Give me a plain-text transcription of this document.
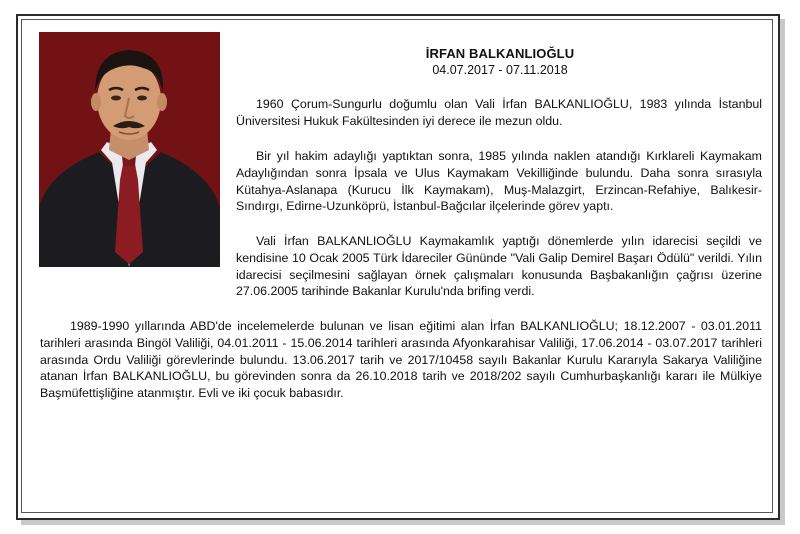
İRFAN BALKANLIOĞLU
04.07.2017 - 07.11.2018

1960 Çorum-Sungurlu doğumlu olan Vali İrfan BALKANLIOĞLU, 1983 yılında İstanbul Üniversitesi Hukuk Fakültesinden iyi derece ile mezun oldu.

Bir yıl hakim adaylığı yaptıktan sonra, 1985 yılında naklen atandığı Kırklareli Kaymakam Adaylığından sonra İpsala ve Ulus Kaymakam Vekilliğinde bulundu. Daha sonra sırasıyla Kütahya-Aslanapa (Kurucu İlk Kaymakam), Muş-Malazgirt, Erzincan-Refahiye, Balıkesir-Sındırgı, Edirne-Uzunköprü, İstanbul-Bağcılar ilçelerinde görev yaptı.

Vali İrfan BALKANLIOĞLU Kaymakamlık yaptığı dönemlerde yılın idarecisi seçildi ve kendisine 10 Ocak 2005 Türk İdareciler Gününde "Vali Galip Demirel Başarı Ödülü" verildi. Yılın idarecisi seçilmesini sağlayan örnek çalışmaları konusunda Başbakanlığın çağrısı üzerine 27.06.2005 tarihinde Bakanlar Kurulu'nda brifing verdi.

1989-1990 yıllarında ABD'de incelemelerde bulunan ve lisan eğitimi alan İrfan BALKANLIOĞLU; 18.12.2007 - 03.01.2011 tarihleri arasında Bingöl Valiliği, 04.01.2011 - 15.06.2014 tarihleri arasında Afyonkarahisar Valiliği, 17.06.2014 - 03.07.2017 tarihleri arasında Ordu Valiliği görevlerinde bulundu. 13.06.2017 tarih ve 2017/10458 sayılı Bakanlar Kurulu Kararıyla Sakarya Valiliğine atanan İrfan BALKANLIOĞLU, bu görevinden sonra da 26.10.2018 tarih ve 2018/202 sayılı Cumhurbaşkanlığı kararı ile Mülkiye Başmüfettişliğine atanmıştır. Evli ve iki çocuk babasıdır.
